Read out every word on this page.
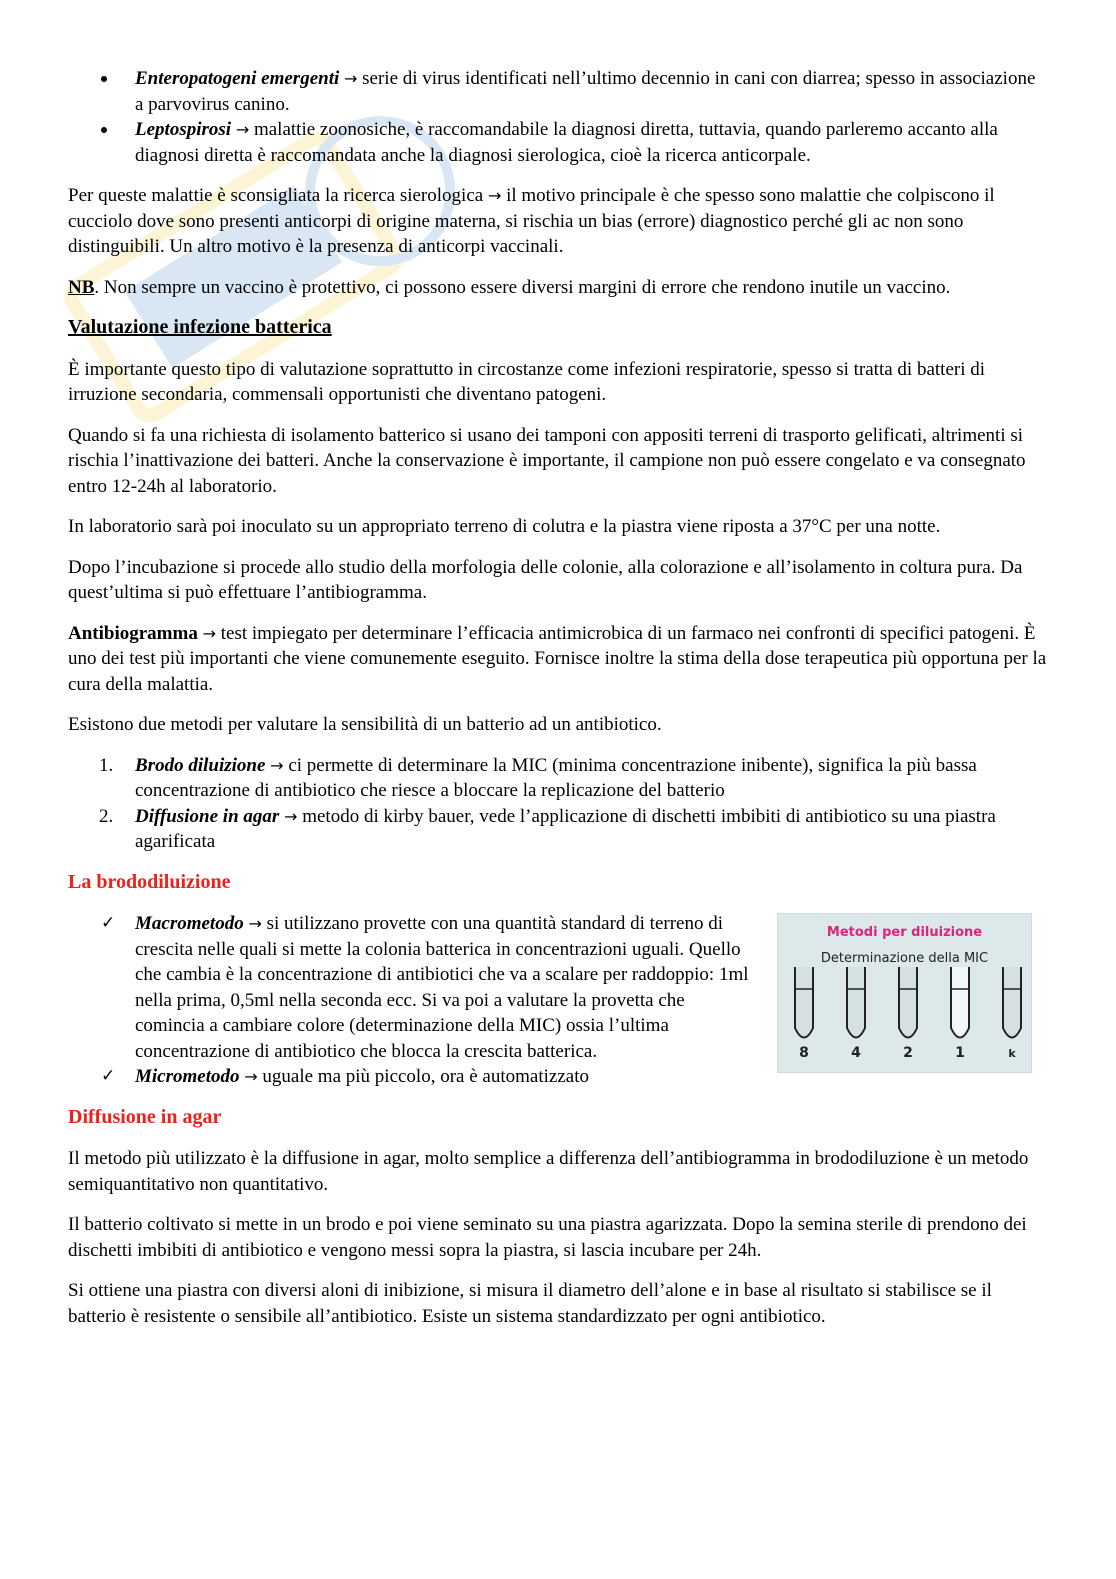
Enteropatogeni emergenti → serie di virus identificati nell’ultimo decennio in cani con diarrea; spesso in associazione a parvovirus canino.
Leptospirosi → malattie zoonosiche, è raccomandabile la diagnosi diretta, tuttavia, quando parleremo accanto alla diagnosi diretta è raccomandata anche la diagnosi sierologica, cioè la ricerca anticorpale.

Per queste malattie è sconsigliata la ricerca sierologica → il motivo principale è che spesso sono malattie che colpiscono il cucciolo dove sono presenti anticorpi di origine materna, si rischia un bias (errore) diagnostico perché gli ac non sono distinguibili. Un altro motivo è la presenza di anticorpi vaccinali.

NB. Non sempre un vaccino è protettivo, ci possono essere diversi margini di errore che rendono inutile un vaccino.

Valutazione infezione batterica

È importante questo tipo di valutazione soprattutto in circostanze come infezioni respiratorie, spesso si tratta di batteri di irruzione secondaria, commensali opportunisti che diventano patogeni.

Quando si fa una richiesta di isolamento batterico si usano dei tamponi con appositi terreni di trasporto gelificati, altrimenti si rischia l’inattivazione dei batteri. Anche la conservazione è importante, il campione non può essere congelato e va consegnato entro 12-24h al laboratorio.

In laboratorio sarà poi inoculato su un appropriato terreno di colutra e la piastra viene riposta a 37°C per una notte.

Dopo l’incubazione si procede allo studio della morfologia delle colonie, alla colorazione e all’isolamento in coltura pura. Da quest’ultima si può effettuare l’antibiogramma.

Antibiogramma → test impiegato per determinare l’efficacia antimicrobica di un farmaco nei confronti di specifici patogeni. È uno dei test più importanti che viene comunemente eseguito. Fornisce inoltre la stima della dose terapeutica più opportuna per la cura della malattia.

Esistono due metodi per valutare la sensibilità di un batterio ad un antibiotico.

1. Brodo diluizione → ci permette di determinare la MIC (minima concentrazione inibente), significa la più bassa concentrazione di antibiotico che riesce a bloccare la replicazione del batterio
2. Diffusione in agar → metodo di kirby bauer, vede l’applicazione di dischetti imbibiti di antibiotico su una piastra agarificata
La brododiluizione
✓ Macrometodo → si utilizzano provette con una quantità standard di terreno di crescita nelle quali si mette la colonia batterica in concentrazioni uguali. Quello che cambia è la concentrazione di antibiotici che va a scalare per raddoppio: 1ml nella prima, 0,5ml nella seconda ecc. Si va poi a valutare la provetta che comincia a cambiare colore (determinazione della MIC) ossia l’ultima concentrazione di antibiotico che blocca la crescita batterica.
✓ Micrometodo → uguale ma più piccolo, ora è automatizzato
Metodi per diluizione
Determinazione della MIC
8	4	2	1	k
Diffusione in agar

Il metodo più utilizzato è la diffusione in agar, molto semplice a differenza dell’antibiogramma in brododiluzione è un metodo semiquantitativo non quantitativo.

Il batterio coltivato si mette in un brodo e poi viene seminato su una piastra agarizzata. Dopo la semina sterile di prendono dei dischetti imbibiti di antibiotico e vengono messi sopra la piastra, si lascia incubare per 24h.

Si ottiene una piastra con diversi aloni di inibizione, si misura il diametro dell’alone e in base al risultato si stabilisce se il batterio è resistente o sensibile all’antibiotico. Esiste un sistema standardizzato per ogni antibiotico.
